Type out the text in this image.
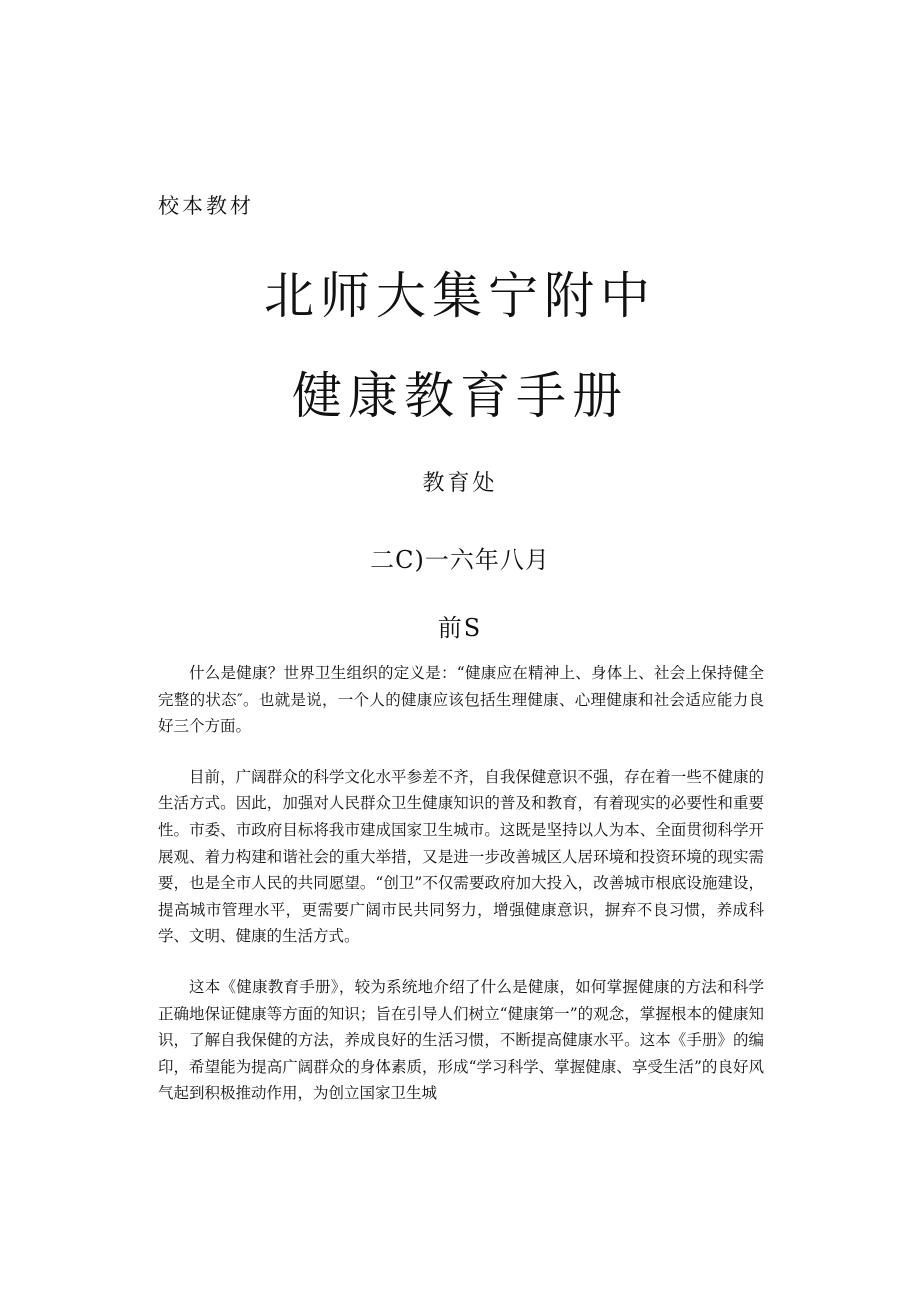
校本教材
北师大集宁附中
健康教育手册
教育处
二C)一六年八月
前S

什么是健康？世界卫生组织的定义是：“健康应在精神上、身体上、社会上保持健全完整的状态″。也就是说，一个人的健康应该包括生理健康、心理健康和社会适应能力良好三个方面。

目前，广阔群众的科学文化水平参差不齐，自我保健意识不强，存在着一些不健康的生活方式。因此，加强对人民群众卫生健康知识的普及和教育，有着现实的必要性和重要性。市委、市政府目标将我市建成国家卫生城市。这既是坚持以人为本、全面贯彻科学开展观、着力构建和谐社会的重大举措，又是进一步改善城区人居环境和投资环境的现实需要，也是全市人民的共同愿望。“创卫”不仅需要政府加大投入，改善城市根底设施建设，提高城市管理水平，更需要广阔市民共同努力，增强健康意识，摒弃不良习惯，养成科学、文明、健康的生活方式。

这本《健康教育手册》，较为系统地介绍了什么是健康，如何掌握健康的方法和科学正确地保证健康等方面的知识；旨在引导人们树立“健康第一”的观念，掌握根本的健康知识，了解自我保健的方法，养成良好的生活习惯，不断提高健康水平。这本《手册》的编印，希望能为提高广阔群众的身体素质，形成“学习科学、掌握健康、享受生活”的良好风气起到积极推动作用，为创立国家卫生城
